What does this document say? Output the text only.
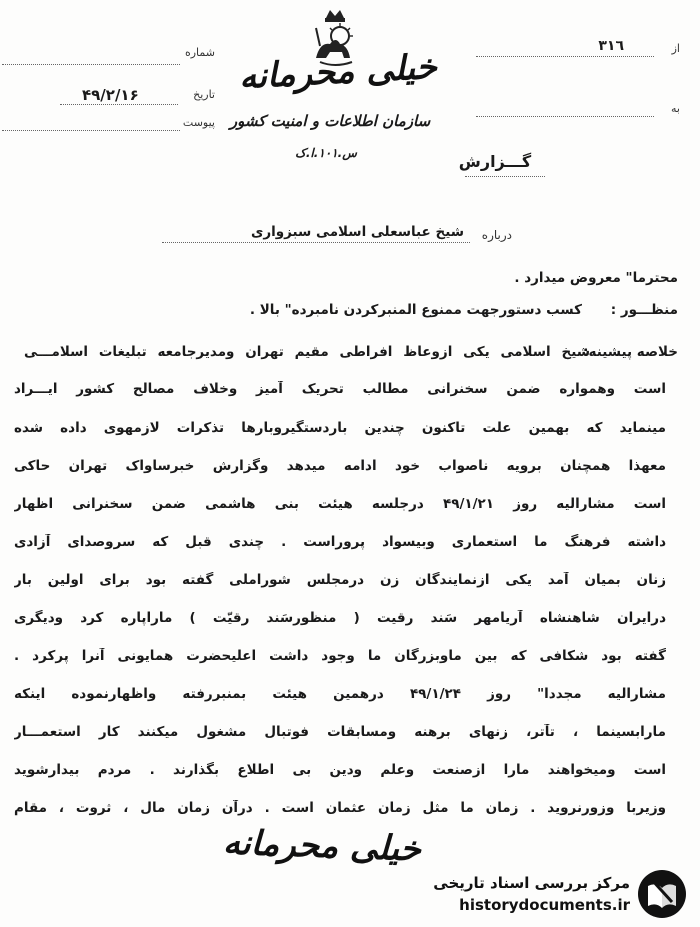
از
٣١٦
به
شماره
تاریخ
۴۹/۲/۱۶
پیوست
خیلی محرمانه
سازمان اطلاعات و امنیت کشور
س.١٠١.ا.ک	گـــزارش
درباره
شیخ عباسعلی اسلامی سبزواری
محترما" معروض میدارد .
منظـــور :
کسب دستورجهت ممنوع المنبرکردن نامبرده" بالا .
خلاصه پیشینه:
شیخ اسلامی یکی ازوعاظ افراطی مقیم تهران ومدیرجامعه تبلیغات اسلامـــی
است وهمواره ضمن سخنرانی مطالب تحریک آمیز وخلاف مصالح کشور ایـــراد
مینماید که بهمین علت تاکنون چندین باردستگیروبارها تذکرات لازمهوی داده شده
معهذا همچنان برویه ناصواب خود ادامه میدهد وگزارش خبرساواک تهران حاکی
است مشارالیه روز ۴۹/۱/۲۱ درجلسه هیئت بنی هاشمی ضمن سخنرانی اظهار
داشته فرهنگ ما استعماری وبیسواد پروراست . چندی قبل که سروصدای آزادی
زنان بمیان آمد یکی ازنمایندگان زن درمجلس شوراملی گفته بود برای اولین بار
درایران شاهنشاه آریامهر سَند رقیت ( منظورسَند رقیّت ) ماراپاره کرد ودیگری
گفته بود شکافی که بین ماوبزرگان ما وجود داشت اعلیحضرت همایونی آنرا پرکرد .
مشارالیه مجددا" روز ۴۹/۱/۲۴ درهمین هیئت بمنبررفته واظهارنموده اینکه
مارابسینما ، تآتر، زنهای برهنه ومسابقات فوتبال مشغول میکنند کار استعمـــار
است ومیخواهند مارا ازصنعت وعلم ودین بی اطلاع بگذارند . مردم بیدارشوید
وزیربا وزورنروید . زمان ما مثل زمان عثمان است . درآن زمان مال ، ثروت ، مقام
خیلی محرمانه
مرکز بررسی اسناد تاریخی
historydocuments.ir
